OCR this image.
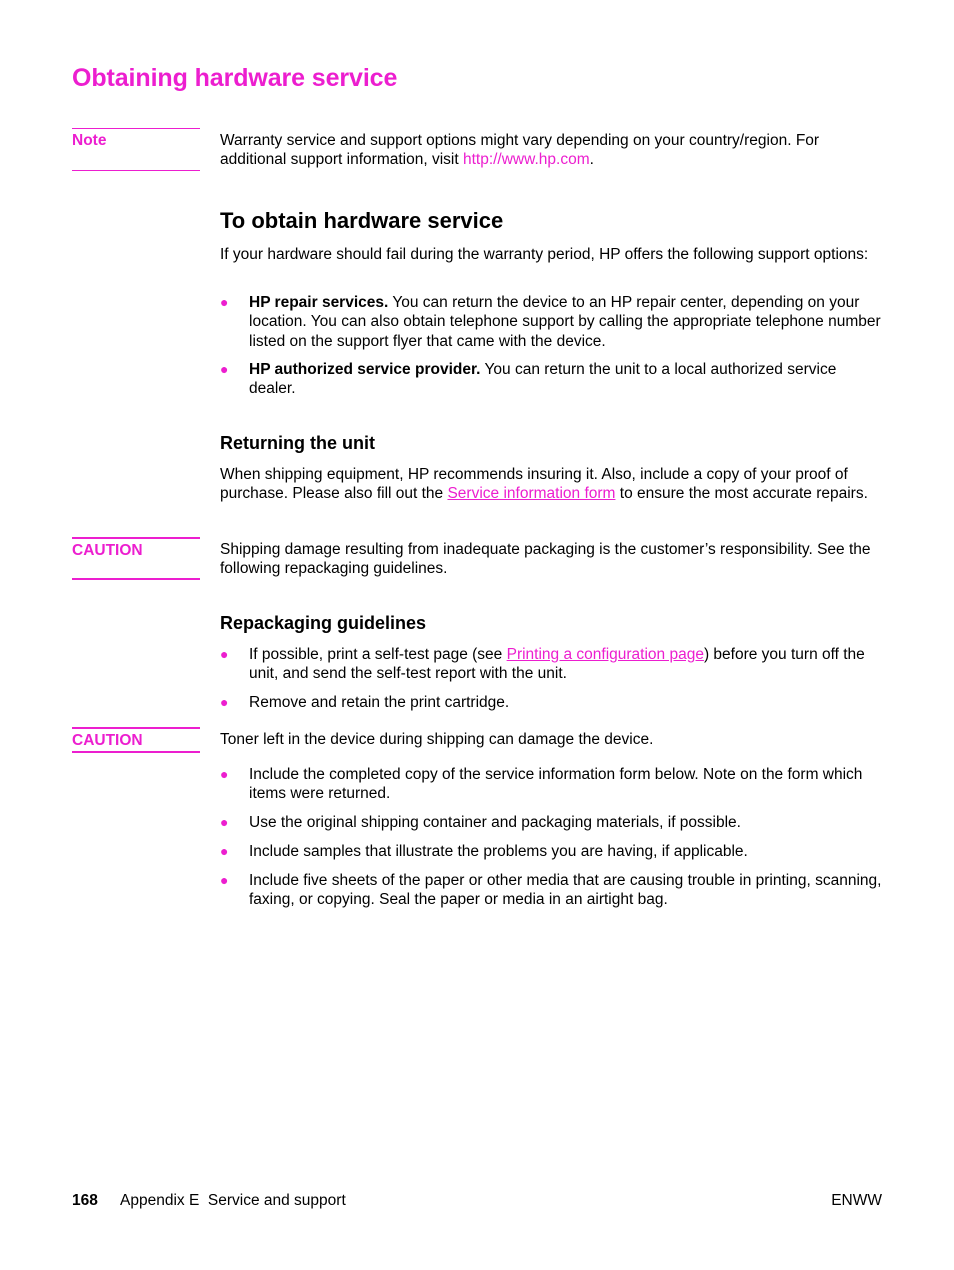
Obtaining hardware service
Note	Warranty service and support options might vary depending on your country/region. For additional support information, visit http://www.hp.com.
To obtain hardware service
If your hardware should fail during the warranty period, HP offers the following support options:
● HP repair services. You can return the device to an HP repair center, depending on your location. You can also obtain telephone support by calling the appropriate telephone number listed on the support flyer that came with the device.
● HP authorized service provider. You can return the unit to a local authorized service dealer.
Returning the unit
When shipping equipment, HP recommends insuring it. Also, include a copy of your proof of purchase. Please also fill out the Service information form to ensure the most accurate repairs.
CAUTION	Shipping damage resulting from inadequate packaging is the customer’s responsibility. See the following repackaging guidelines.
Repackaging guidelines
● If possible, print a self-test page (see Printing a configuration page) before you turn off the unit, and send the self-test report with the unit.
● Remove and retain the print cartridge.
CAUTION	Toner left in the device during shipping can damage the device.
● Include the completed copy of the service information form below. Note on the form which items were returned.
● Use the original shipping container and packaging materials, if possible.
● Include samples that illustrate the problems you are having, if applicable.
● Include five sheets of the paper or other media that are causing trouble in printing, scanning, faxing, or copying. Seal the paper or media in an airtight bag.
168 Appendix E  Service and support	ENWW
